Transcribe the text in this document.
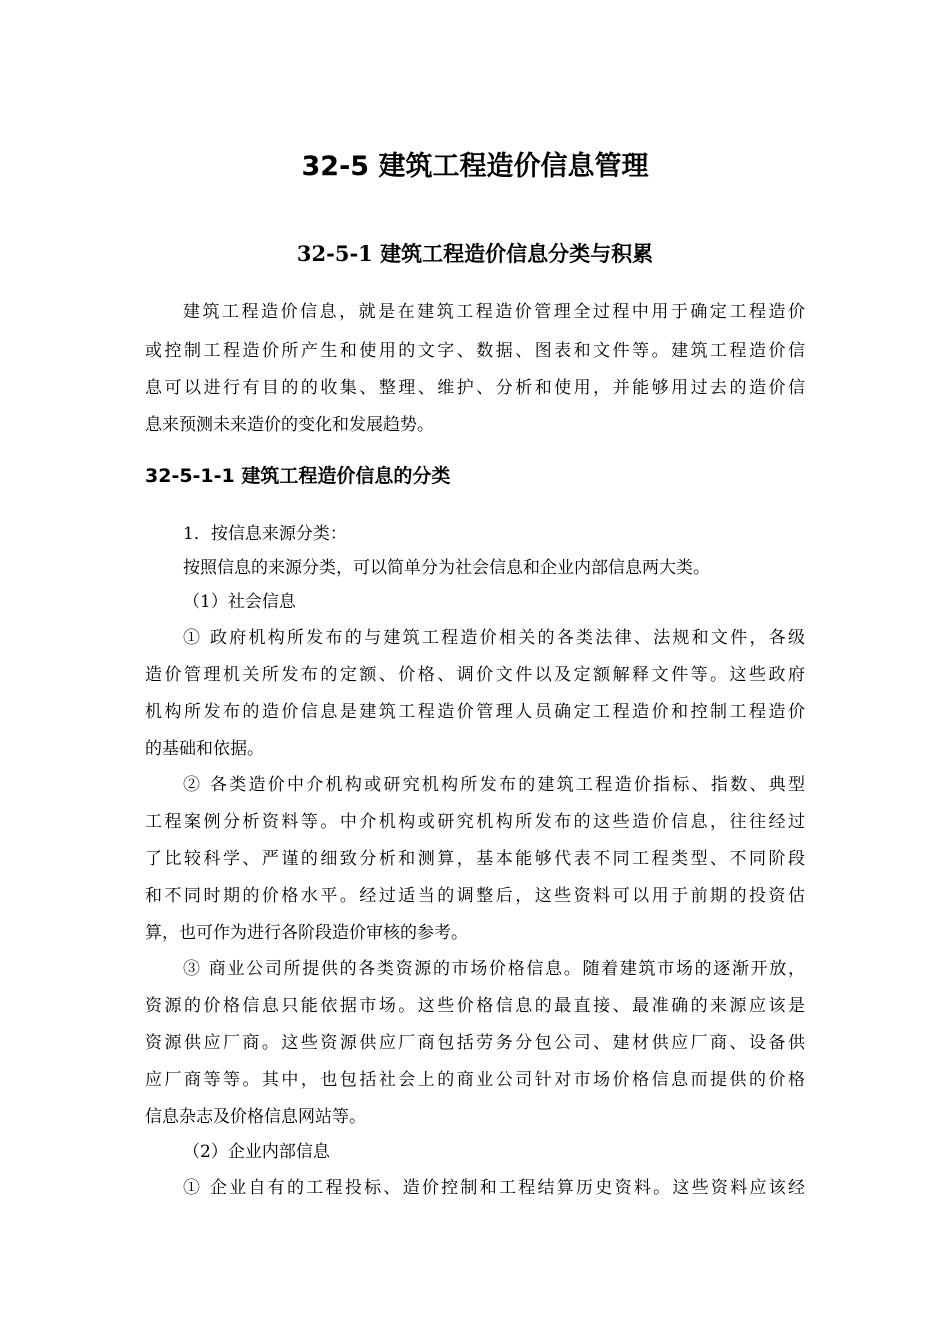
32-5 建筑工程造价信息管理
32-5-1 建筑工程造价信息分类与积累
建筑工程造价信息，就是在建筑工程造价管理全过程中用于确定工程造价
或控制工程造价所产生和使用的文字、数据、图表和文件等。建筑工程造价信
息可以进行有目的的收集、整理、维护、分析和使用，并能够用过去的造价信
息来预测未来造价的变化和发展趋势。
32-5-1-1 建筑工程造价信息的分类
1．按信息来源分类：
按照信息的来源分类，可以简单分为社会信息和企业内部信息两大类。
（1）社会信息
① 政府机构所发布的与建筑工程造价相关的各类法律、法规和文件，各级
造价管理机关所发布的定额、价格、调价文件以及定额解释文件等。这些政府
机构所发布的造价信息是建筑工程造价管理人员确定工程造价和控制工程造价
的基础和依据。
② 各类造价中介机构或研究机构所发布的建筑工程造价指标、指数、典型
工程案例分析资料等。中介机构或研究机构所发布的这些造价信息，往往经过
了比较科学、严谨的细致分析和测算，基本能够代表不同工程类型、不同阶段
和不同时期的价格水平。经过适当的调整后，这些资料可以用于前期的投资估
算，也可作为进行各阶段造价审核的参考。
③ 商业公司所提供的各类资源的市场价格信息。随着建筑市场的逐渐开放，
资源的价格信息只能依据市场。这些价格信息的最直接、最准确的来源应该是
资源供应厂商。这些资源供应厂商包括劳务分包公司、建材供应厂商、设备供
应厂商等等。其中，也包括社会上的商业公司针对市场价格信息而提供的价格
信息杂志及价格信息网站等。
（2）企业内部信息
① 企业自有的工程投标、造价控制和工程结算历史资料。这些资料应该经
